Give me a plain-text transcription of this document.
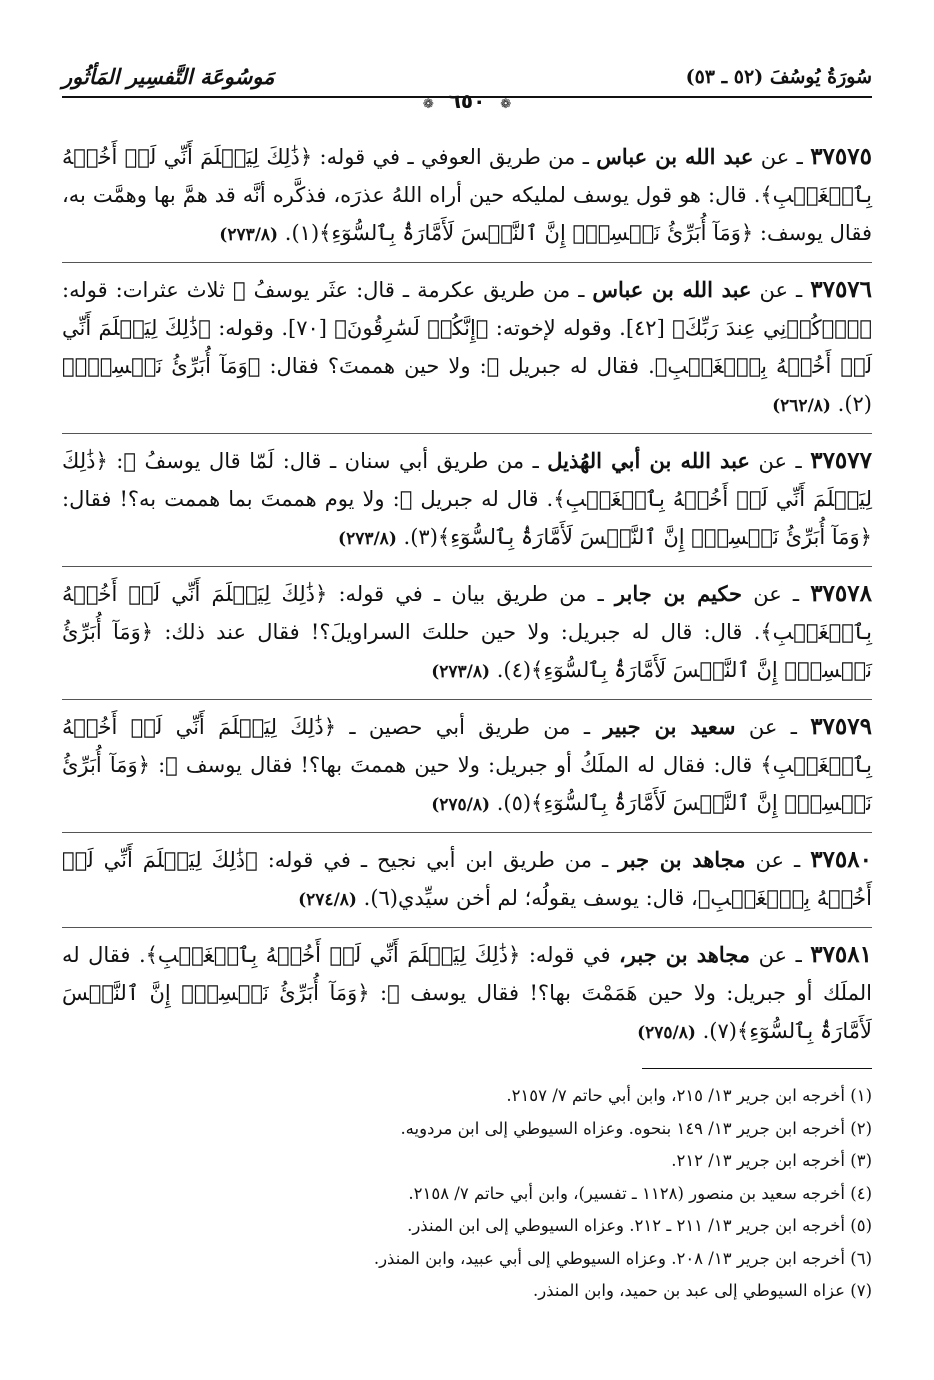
سُورَةُ يُوسُفَ (٥٢ ـ ٥٣)
مَوسُوعَة التَّفسِير المَأثُور
❁ ٦٥٠ ❁

٣٧٥٧٥ ـ عن عبد الله بن عباس ـ من طريق العوفي ـ في قوله: ﴿ذَٰلِكَ لِيَعۡلَمَ أَنِّي لَمۡ أَخُنۡهُ بِٱلۡغَيۡبِ﴾. قال: هو قول يوسف لمليكه حين أراه اللهُ عذرَه، فذكَّره أنَّه قد همَّ بها وهمَّت به، فقال يوسف: ﴿وَمَآ أُبَرِّئُ نَفۡسِيٓۚ إِنَّ ٱلنَّفۡسَ لَأَمَّارَةُۢ بِٱلسُّوٓءِ﴾(١). (٢٧٣/٨)

٣٧٥٧٦ ـ عن عبد الله بن عباس ـ من طريق عكرمة ـ قال: عثَر يوسفُ ﷺ ثلاث عثرات: قوله: ﴿ٱذۡكُرۡنِي عِندَ رَبِّكَ﴾ [٤٢]. وقوله لإخوته: ﴿إِنَّكُمۡ لَسَٰرِقُونَ﴾ [٧٠]. وقوله: ﴿ذَٰلِكَ لِيَعۡلَمَ أَنِّي لَمۡ أَخُنۡهُ بِٱلۡغَيۡبِ﴾. فقال له جبريل ﷺ: ولا حين هممتَ؟ فقال: ﴿وَمَآ أُبَرِّئُ نَفۡسِيٓۚ﴾(٢). (٢٦٢/٨)

٣٧٥٧٧ ـ عن عبد الله بن أبي الهُذيل ـ من طريق أبي سنان ـ قال: لَمّا قال يوسفُ ﷺ: ﴿ذَٰلِكَ لِيَعۡلَمَ أَنِّي لَمۡ أَخُنۡهُ بِٱلۡغَيۡبِ﴾. قال له جبريل ﷺ: ولا يوم هممتَ بما هممت به؟! فقال: ﴿وَمَآ أُبَرِّئُ نَفۡسِيٓۚ إِنَّ ٱلنَّفۡسَ لَأَمَّارَةُۢ بِٱلسُّوٓءِ﴾(٣). (٢٧٣/٨)

٣٧٥٧٨ ـ عن حكيم بن جابر ـ من طريق بيان ـ في قوله: ﴿ذَٰلِكَ لِيَعۡلَمَ أَنِّي لَمۡ أَخُنۡهُ بِٱلۡغَيۡبِ﴾. قال: قال له جبريل: ولا حين حللتَ السراويلَ؟! فقال عند ذلك: ﴿وَمَآ أُبَرِّئُ نَفۡسِيٓۚ إِنَّ ٱلنَّفۡسَ لَأَمَّارَةُۢ بِٱلسُّوٓءِ﴾(٤). (٢٧٣/٨)

٣٧٥٧٩ ـ عن سعيد بن جبير ـ من طريق أبي حصين ـ ﴿ذَٰلِكَ لِيَعۡلَمَ أَنِّي لَمۡ أَخُنۡهُ بِٱلۡغَيۡبِ﴾ قال: فقال له الملَكُ أو جبريل: ولا حين هممتَ بها؟! فقال يوسف ﷺ: ﴿وَمَآ أُبَرِّئُ نَفۡسِيٓۚ إِنَّ ٱلنَّفۡسَ لَأَمَّارَةُۢ بِٱلسُّوٓءِ﴾(٥). (٢٧٥/٨)

٣٧٥٨٠ ـ عن مجاهد بن جبر ـ من طريق ابن أبي نجيح ـ في قوله: ﴿ذَٰلِكَ لِيَعۡلَمَ أَنِّي لَمۡ أَخُنۡهُ بِٱلۡغَيۡبِ﴾، قال: يوسف يقولُه؛ لم أخن سيِّدي(٦). (٢٧٤/٨)

٣٧٥٨١ ـ عن مجاهد بن جبر، في قوله: ﴿ذَٰلِكَ لِيَعۡلَمَ أَنِّي لَمۡ أَخُنۡهُ بِٱلۡغَيۡبِ﴾. فقال له الملَك أو جبريل: ولا حين هَمَمْتَ بها؟! فقال يوسف ﷺ: ﴿وَمَآ أُبَرِّئُ نَفۡسِيٓۚ إِنَّ ٱلنَّفۡسَ لَأَمَّارَةُۢ بِٱلسُّوٓءِ﴾(٧). (٢٧٥/٨)

(١) أخرجه ابن جرير ١٣/ ٢١٥، وابن أبي حاتم ٧/ ٢١٥٧.
(٢) أخرجه ابن جرير ١٣/ ١٤٩ بنحوه. وعزاه السيوطي إلى ابن مردويه.
(٣) أخرجه ابن جرير ١٣/ ٢١٢.
(٤) أخرجه سعيد بن منصور (١١٢٨ ـ تفسير)، وابن أبي حاتم ٧/ ٢١٥٨.
(٥) أخرجه ابن جرير ١٣/ ٢١١ ـ ٢١٢. وعزاه السيوطي إلى ابن المنذر.
(٦) أخرجه ابن جرير ١٣/ ٢٠٨. وعزاه السيوطي إلى أبي عبيد، وابن المنذر.
(٧) عزاه السيوطي إلى عبد بن حميد، وابن المنذر.
